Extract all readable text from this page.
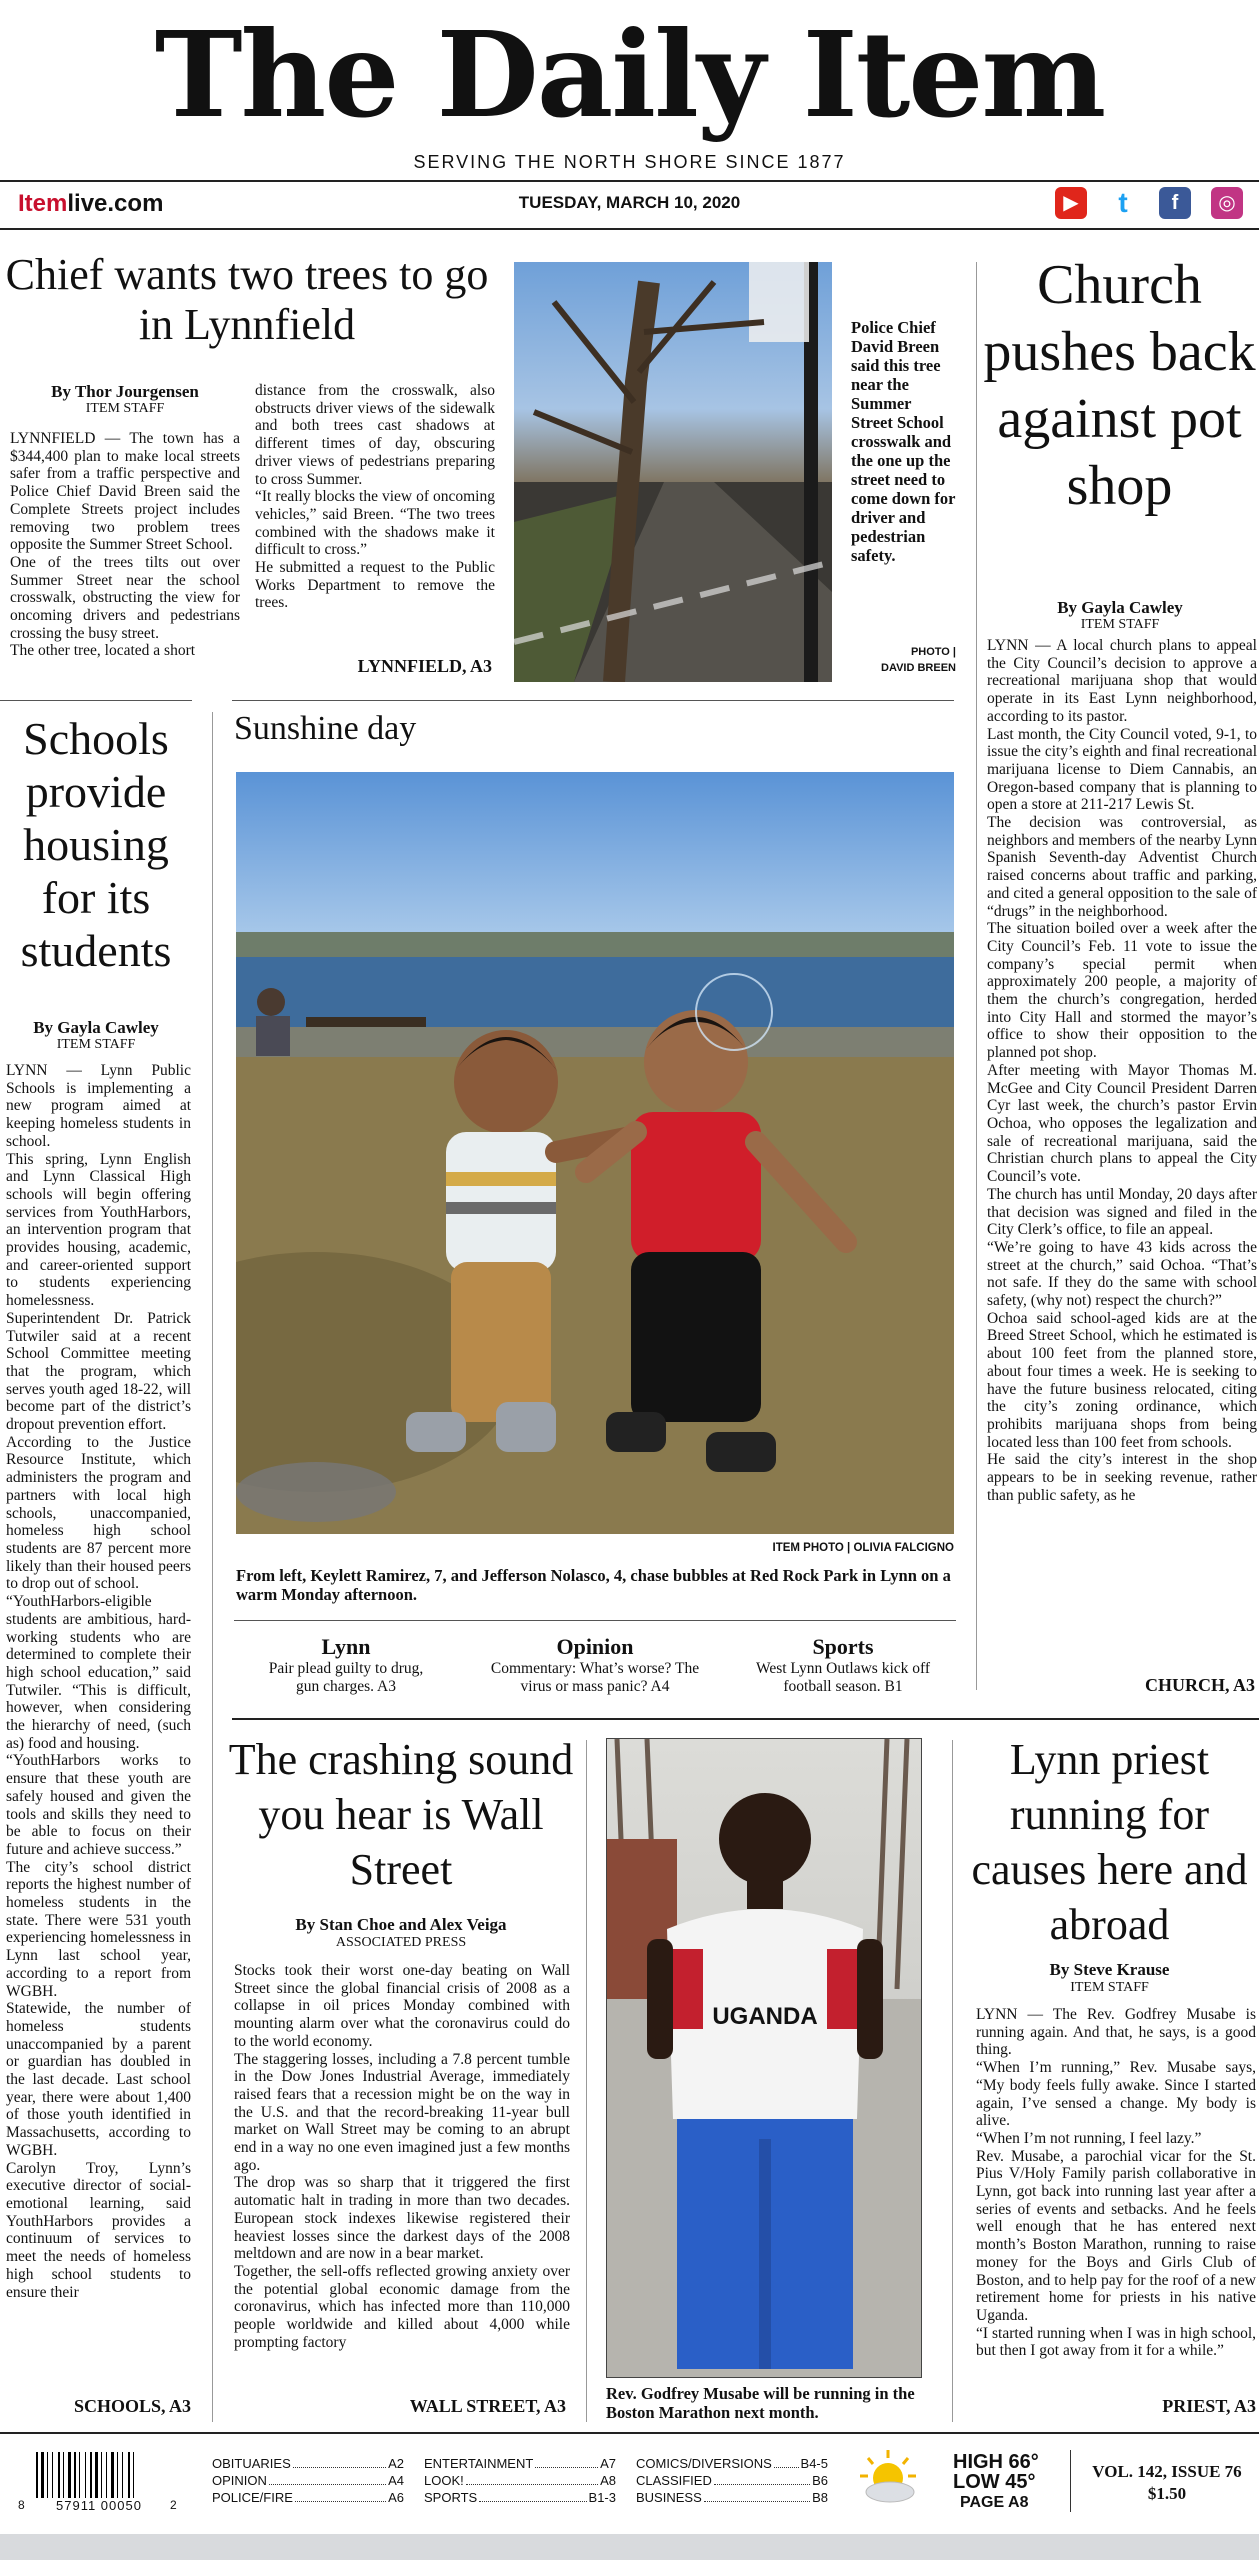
The Daily Item
SERVING THE NORTH SHORE SINCE 1877
Itemlive.com	TUESDAY, MARCH 10, 2020	▶	t	f	◎
Chief wants two trees to go in Lynnfield
By Thor Jourgensen
ITEM STAFF
LYNNFIELD — The town has a $344,400 plan to make local streets safer from a traffic perspective and Police Chief David Breen said the Complete Streets project includes removing two problem trees opposite the Summer Street School.
One of the trees tilts out over Summer Street near the school crosswalk, obstructing the view for oncoming drivers and pedestrians crossing the busy street.
The other tree, located a short
distance from the crosswalk, also obstructs driver views of the sidewalk and both trees cast shadows at different times of day, obscuring driver views of pedestrians preparing to cross Summer.
“It really blocks the view of oncoming vehicles,” said Breen. “The two trees combined with the shadows make it difficult to cross.”
He submitted a request to the Public Works Department to remove the trees.
LYNNFIELD, A3
Police Chief David Breen said this tree near the Summer Street School crosswalk and the one up the street need to come down for driver and pedestrian safety.
PHOTO |
DAVID BREEN
Church pushes back against pot shop
By Gayla Cawley
ITEM STAFF
LYNN — A local church plans to appeal the City Council’s decision to approve a recreational marijuana shop that would operate in its East Lynn neighborhood, according to its pastor.
Last month, the City Council voted, 9-1, to issue the city’s eighth and final recreational marijuana license to Diem Cannabis, an Oregon-based company that is planning to open a store at 211-217 Lewis St.
The decision was controversial, as neighbors and members of the nearby Lynn Spanish Seventh-day Adventist Church raised concerns about traffic and parking, and cited a general opposition to the sale of “drugs” in the neighborhood.
The situation boiled over a week after the City Council’s Feb. 11 vote to issue the company’s special permit when approximately 200 people, a majority of them the church’s congregation, herded into City Hall and stormed the mayor’s office to show their opposition to the planned pot shop.
After meeting with Mayor Thomas M. McGee and City Council President Darren Cyr last week, the church’s pastor Ervin Ochoa, who opposes the legalization and sale of recreational marijuana, said the Christian church plans to appeal the City Council’s vote.
The church has until Monday, 20 days after that decision was signed and filed in the City Clerk’s office, to file an appeal.
“We’re going to have 43 kids across the street at the church,” said Ochoa. “That’s not safe. If they do the same with school safety, (why not) respect the church?”
Ochoa said school-aged kids are at the Breed Street School, which he estimated is about 100 feet from the planned store, about four times a week. He is seeking to have the future business relocated, citing the city’s zoning ordinance, which prohibits marijuana shops from being located less than 100 feet from schools.
He said the city’s interest in the shop appears to be in seeking revenue, rather than public safety, as he
CHURCH, A3
Schools provide housing for its students
By Gayla Cawley
ITEM STAFF
LYNN — Lynn Public Schools is implementing a new program aimed at keeping homeless students in school.
This spring, Lynn English and Lynn Classical High schools will begin offering services from YouthHarbors, an intervention program that provides housing, academic, and career-oriented support to students experiencing homelessness.
Superintendent Dr. Patrick Tutwiler said at a recent School Committee meeting that the program, which serves youth aged 18-22, will become part of the district’s dropout prevention effort.
According to the Justice Resource Institute, which administers the program and partners with local high schools, unaccompanied, homeless high school students are 87 percent more likely than their housed peers to drop out of school.
“YouthHarbors-eligible students are ambitious, hard-working students who are determined to complete their high school education,” said Tutwiler. “This is difficult, however, when considering the hierarchy of need, (such as) food and housing.
“YouthHarbors works to ensure that these youth are safely housed and given the tools and skills they need to be able to focus on their future and achieve success.”
The city’s school district reports the highest number of homeless students in the state. There were 531 youth experiencing homelessness in Lynn last school year, according to a report from WGBH.
Statewide, the number of homeless students unaccompanied by a parent or guardian has doubled in the last decade. Last school year, there were about 1,400 of those youth identified in Massachusetts, according to WGBH.
Carolyn Troy, Lynn’s executive director of social-emotional learning, said YouthHarbors provides a continuum of services to meet the needs of homeless high school students to ensure their
SCHOOLS, A3
Sunshine day
ITEM PHOTO | OLIVIA FALCIGNO
From left, Keylett Ramirez, 7, and Jefferson Nolasco, 4, chase bubbles at Red Rock Park in Lynn on a warm Monday afternoon.
Lynn
Pair plead guilty to drug, gun charges. A3
Opinion
Commentary: What’s worse? The virus or mass panic? A4
Sports
West Lynn Outlaws kick off football season. B1
The crashing sound you hear is Wall Street
By Stan Choe and Alex Veiga
ASSOCIATED PRESS
Stocks took their worst one-day beating on Wall Street since the global financial crisis of 2008 as a collapse in oil prices Monday combined with mounting alarm over what the coronavirus could do to the world economy.
The staggering losses, including a 7.8 percent tumble in the Dow Jones Industrial Average, immediately raised fears that a recession might be on the way in the U.S. and that the record-breaking 11-year bull market on Wall Street may be coming to an abrupt end in a way no one even imagined just a few months ago.
The drop was so sharp that it triggered the first automatic halt in trading in more than two decades. European stock indexes likewise registered their heaviest losses since the darkest days of the 2008 meltdown and are now in a bear market.
Together, the sell-offs reflected growing anxiety over the potential global economic damage from the coronavirus, which has infected more than 110,000 people worldwide and killed about 4,000 while prompting factory
WALL STREET, A3
UGANDA
Rev. Godfrey Musabe will be running in the Boston Marathon next month.
Lynn priest running for causes here and abroad
By Steve Krause
ITEM STAFF
LYNN — The Rev. Godfrey Musabe is running again. And that, he says, is a good thing.
“When I’m running,” Rev. Musabe says, “My body feels fully awake. Since I started again, I’ve sensed a change. My body is alive.
“When I’m not running, I feel lazy.”
Rev. Musabe, a parochial vicar for the St. Pius V/Holy Family parish collaborative in Lynn, got back into running last year after a series of events and setbacks. And he feels well enough that he has entered next month’s Boston Marathon, running to raise money for the Boys and Girls Club of Boston, and to help pay for the roof of a new retirement home for priests in his native Uganda.
“I started running when I was in high school, but then I got away from it for a while.”
PRIEST, A3
8 57911 00050 2
OBITUARIES	A2
OPINION	A4
POLICE/FIRE	A6
ENTERTAINMENT	A7
LOOK!	A8
SPORTS	B1-3
COMICS/DIVERSIONS B4-5
CLASSIFIED	B6
BUSINESS	B8
HIGH 66°
LOW 45°
PAGE A8
VOL. 142, ISSUE 76
$1.50
